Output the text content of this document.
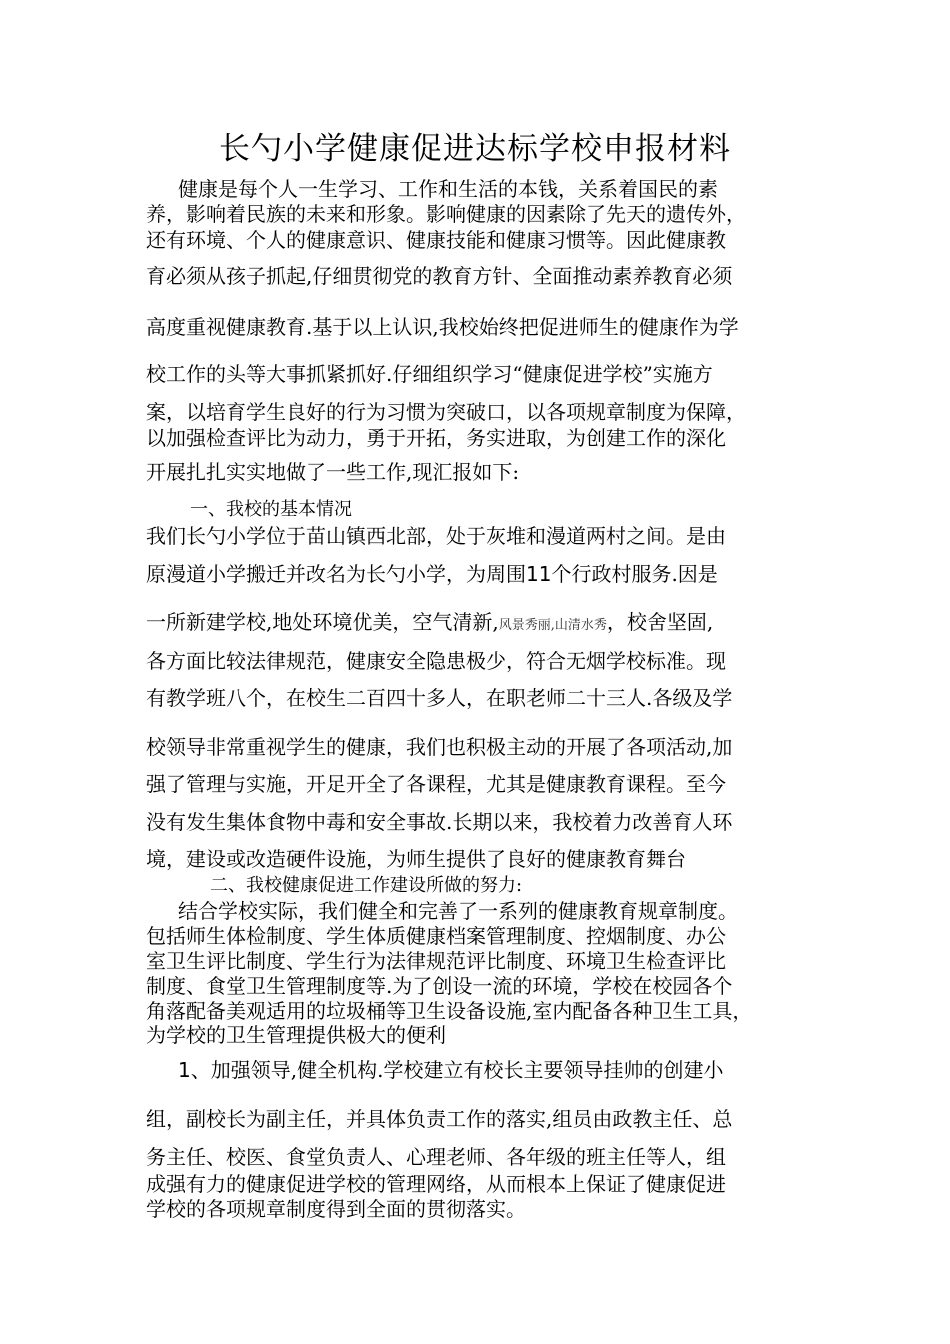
长勺小学健康促进达标学校申报材料
健康是每个人一生学习、工作和生活的本钱，关系着国民的素
养，影响着民族的未来和形象。影响健康的因素除了先天的遗传外，
还有环境、个人的健康意识、健康技能和健康习惯等。因此健康教
育必须从孩子抓起,仔细贯彻党的教育方针、全面推动素养教育必须
高度重视健康教育.基于以上认识,我校始终把促进师生的健康作为学
校工作的头等大事抓紧抓好.仔细组织学习“健康促进学校”实施方
案，以培育学生良好的行为习惯为突破口，以各项规章制度为保障，
以加强检查评比为动力，勇于开拓，务实进取，为创建工作的深化
开展扎扎实实地做了一些工作,现汇报如下:
一、我校的基本情况
我们长勺小学位于苗山镇西北部，处于灰堆和漫道两村之间。是由
原漫道小学搬迁并改名为长勺小学，为周围11个行政村服务.因是
一所新建学校,地处环境优美，空气清新,风景秀丽,山清水秀，校舍坚固,
各方面比较法律规范，健康安全隐患极少，符合无烟学校标准。现
有教学班八个，在校生二百四十多人，在职老师二十三人.各级及学
校领导非常重视学生的健康，我们也积极主动的开展了各项活动,加
强了管理与实施，开足开全了各课程，尤其是健康教育课程。至今
没有发生集体食物中毒和安全事故.长期以来，我校着力改善育人环
境，建设或改造硬件设施，为师生提供了良好的健康教育舞台
二、我校健康促进工作建设所做的努力:
结合学校实际，我们健全和完善了一系列的健康教育规章制度。
包括师生体检制度、学生体质健康档案管理制度、控烟制度、办公
室卫生评比制度、学生行为法律规范评比制度、环境卫生检查评比
制度、食堂卫生管理制度等.为了创设一流的环境，学校在校园各个
角落配备美观适用的垃圾桶等卫生设备设施,室内配备各种卫生工具，
为学校的卫生管理提供极大的便利
1、加强领导,健全机构.学校建立有校长主要领导挂帅的创建小
组，副校长为副主任，并具体负责工作的落实,组员由政教主任、总
务主任、校医、食堂负责人、心理老师、各年级的班主任等人，组
成强有力的健康促进学校的管理网络，从而根本上保证了健康促进
学校的各项规章制度得到全面的贯彻落实。
